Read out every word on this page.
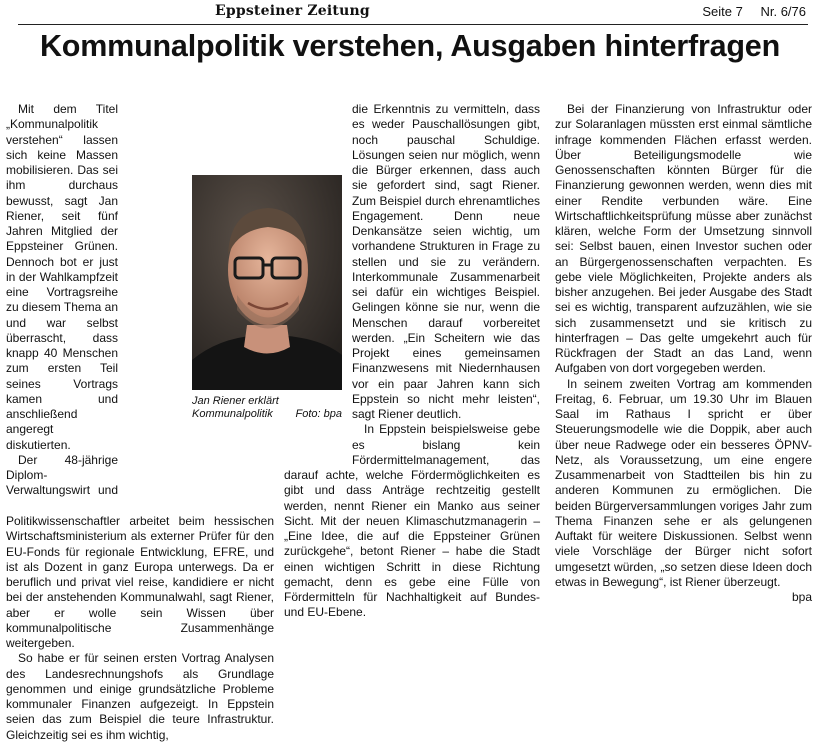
Eppsteiner Zeitung	Seite 7 Nr. 6/76
Kommunalpolitik verstehen, Ausgaben hinterfragen

Mit dem Titel „Kommunalpolitik verstehen“ lassen sich keine Massen mobilisieren. Das sei ihm durchaus bewusst, sagt Jan Riener, seit fünf Jahren Mitglied der Eppsteiner Grünen. Dennoch bot er just in der Wahlkampfzeit eine Vortragsreihe zu diesem Thema an und war selbst überrascht, dass knapp 40 Menschen zum ersten Teil seines Vortrags kamen und anschließend angeregt diskutierten.

Der 48-jährige Diplom-Verwaltungswirt und Politikwissenschaftler arbeitet beim hessischen Wirtschaftsministerium als externer Prüfer für den EU-Fonds für regionale Entwicklung, EFRE, und ist als Dozent in ganz Europa unterwegs. Da er beruflich und privat viel reise, kandidiere er nicht bei der anstehenden Kommunalwahl, sagt Riener, aber er wolle sein Wissen über kommunalpolitische Zusammenhänge weitergeben.

So habe er für seinen ersten Vortrag Analysen des Landesrechnungshofs als Grundlage genommen und einige grundsätzliche Probleme kommunaler Finanzen aufgezeigt. In Eppstein seien das zum Beispiel die teure Infrastruktur. Gleichzeitig sei es ihm wichtig,

die Erkenntnis zu vermitteln, dass es weder Pauschallösungen gibt, noch pauschal Schuldige. Lösungen seien nur möglich, wenn die Bürger erkennen, dass auch sie gefordert sind, sagt Riener. Zum Beispiel durch ehrenamtliches Engagement. Denn neue Denkansätze seien wichtig, um vorhandene Strukturen in Frage zu stellen und sie zu verändern. Interkommunale Zusammenarbeit sei dafür ein wichtiges Beispiel. Gelingen könne sie nur, wenn die Menschen darauf vorbereitet werden. „Ein Scheitern wie das Projekt eines gemeinsamen Finanzwesens mit Niedernhausen vor ein paar Jahren kann sich Eppstein so nicht mehr leisten“, sagt Riener deutlich.

In Eppstein beispielsweise gebe es bislang kein Fördermittelmanagement, das darauf achte, welche Fördermöglichkeiten es gibt und dass Anträge rechtzeitig gestellt werden, nennt Riener ein Manko aus seiner Sicht. Mit der neuen Klimaschutzmanagerin – „Eine Idee, die auf die Eppsteiner Grünen zurückgehe“, betont Riener – habe die Stadt einen wichtigen Schritt in diese Richtung gemacht, denn es gebe eine Fülle von Fördermitteln für Nachhaltigkeit auf Bundes- und EU-Ebene.

Jan Riener erklärt Kommunalpolitik Foto: bpa

Bei der Finanzierung von Infrastruktur oder zur Solaranlagen müssten erst einmal sämtliche infrage kommenden Flächen erfasst werden. Über Beteiligungsmodelle wie Genossenschaften könnten Bürger für die Finanzierung gewonnen werden, wenn dies mit einer Rendite verbunden wäre. Eine Wirtschaftlichkeitsprüfung müsse aber zunächst klären, welche Form der Umsetzung sinnvoll sei: Selbst bauen, einen Investor suchen oder an Bürgergenossenschaften verpachten. Es gebe viele Möglichkeiten, Projekte anders als bisher anzugehen. Bei jeder Ausgabe des Stadt sei es wichtig, transparent aufzuzählen, wie sie sich zusammensetzt und sie kritisch zu hinterfragen – Das gelte umgekehrt auch für Rückfragen der Stadt an das Land, wenn Aufgaben von dort vorgegeben werden.

In seinem zweiten Vortrag am kommenden Freitag, 6. Februar, um 19.30 Uhr im Blauen Saal im Rathaus I spricht er über Steuerungsmodelle wie die Doppik, aber auch über neue Radwege oder ein besseres ÖPNV-Netz, als Voraussetzung, um eine engere Zusammenarbeit von Stadtteilen bis hin zu anderen Kommunen zu ermöglichen. Die beiden Bürgerversammlungen voriges Jahr zum Thema Finanzen sehe er als gelungenen Auftakt für weitere Diskussionen. Selbst wenn viele Vorschläge der Bürger nicht sofort umgesetzt würden, „so setzen diese Ideen doch etwas in Bewegung“, ist Riener überzeugt.

bpa
